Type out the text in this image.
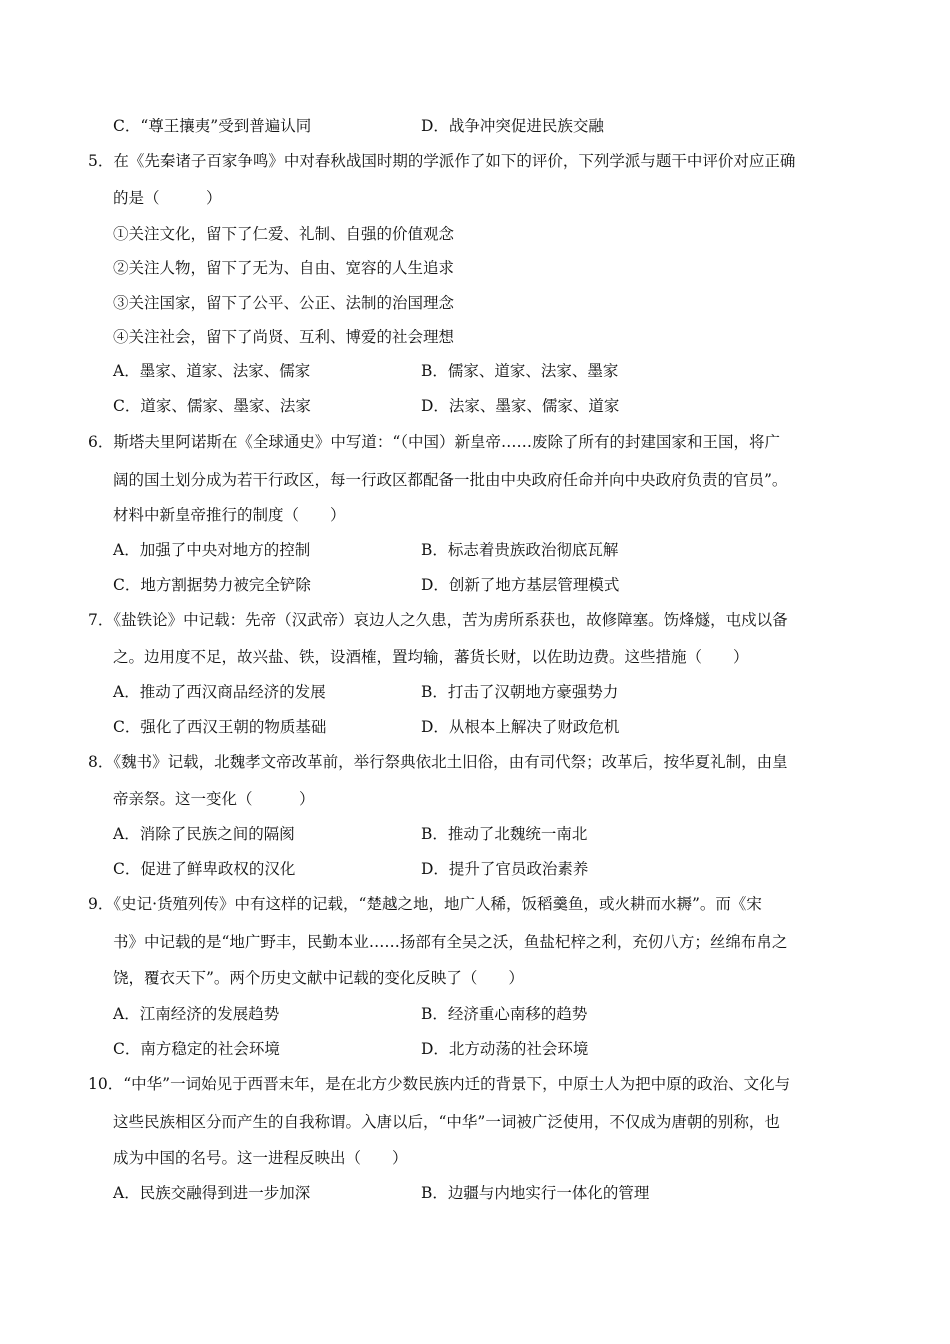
C．“尊王攘夷”受到普遍认同	D．战争冲突促进民族交融
5．在《先秦诸子百家争鸣》中对春秋战国时期的学派作了如下的评价，下列学派与题干中评价对应正确
的是（　　　）
①关注文化，留下了仁爱、礼制、自强的价值观念
②关注人物，留下了无为、自由、宽容的人生追求
③关注国家，留下了公平、公正、法制的治国理念
④关注社会，留下了尚贤、互利、博爱的社会理想
A．墨家、道家、法家、儒家	B．儒家、道家、法家、墨家
C．道家、儒家、墨家、法家	D．法家、墨家、儒家、道家
6．斯塔夫里阿诺斯在《全球通史》中写道：“（中国）新皇帝……废除了所有的封建国家和王国，将广
阔的国土划分成为若干行政区，每一行政区都配备一批由中央政府任命并向中央政府负责的官员”。
材料中新皇帝推行的制度（　　）
A．加强了中央对地方的控制	B．标志着贵族政治彻底瓦解
C．地方割据势力被完全铲除	D．创新了地方基层管理模式
7．《盐铁论》中记载：先帝（汉武帝）哀边人之久患，苦为虏所系获也，故修障塞。饬烽燧，屯戍以备
之。边用度不足，故兴盐、铁，设酒榷，置均输，蕃货长财，以佐助边费。这些措施（　　）
A．推动了西汉商品经济的发展	B．打击了汉朝地方豪强势力
C．强化了西汉王朝的物质基础	D．从根本上解决了财政危机
8．《魏书》记载，北魏孝文帝改革前，举行祭典依北土旧俗，由有司代祭；改革后，按华夏礼制，由皇
帝亲祭。这一变化（　　　）
A．消除了民族之间的隔阂	B．推动了北魏统一南北
C．促进了鲜卑政权的汉化	D．提升了官员政治素养
9．《史记·货殖列传》中有这样的记载，“楚越之地，地广人稀，饭稻羹鱼，或火耕而水耨”。而《宋
书》中记载的是“地广野丰，民勤本业……扬部有全吴之沃，鱼盐杞梓之利，充仞八方；丝绵布帛之
饶，覆衣天下”。两个历史文献中记载的变化反映了（　　）
A．江南经济的发展趋势	B．经济重心南移的趋势
C．南方稳定的社会环境	D．北方动荡的社会环境
10．“中华”一词始见于西晋末年，是在北方少数民族内迁的背景下，中原士人为把中原的政治、文化与
这些民族相区分而产生的自我称谓。入唐以后，“中华”一词被广泛使用，不仅成为唐朝的别称，也
成为中国的名号。这一进程反映出（　　）
A．民族交融得到进一步加深	B．边疆与内地实行一体化的管理
